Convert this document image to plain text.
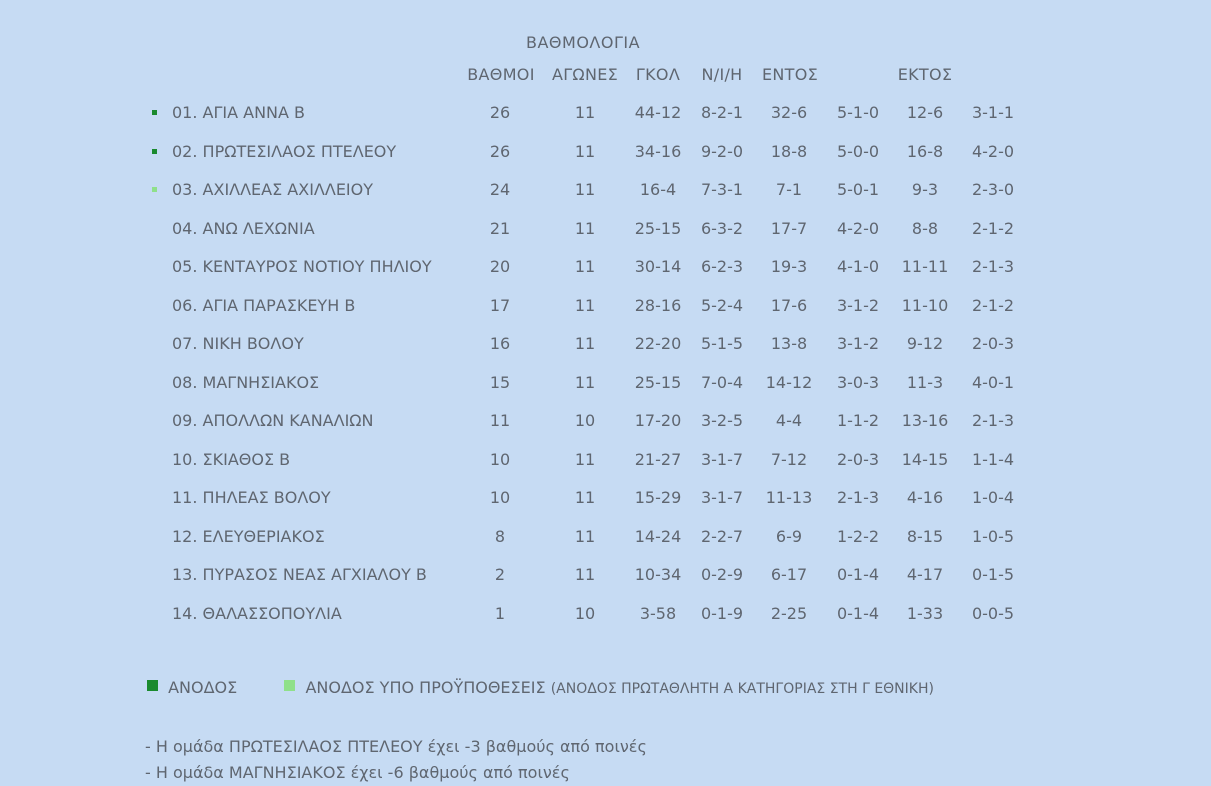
ΒΑΘΜΟΛΟΓΙΑ
ΒΑΘΜΟΙ	ΑΓΩΝΕΣ	ΓΚΟΛ	Ν/Ι/Η	ΕΝΤΟΣ	ΕΚΤΟΣ
01. ΑΓΙΑ ΑΝΝΑ Β	26	11	44-12	8-2-1	32-6	5-1-0	12-6	3-1-1
02. ΠΡΩΤΕΣΙΛΑΟΣ ΠΤΕΛΕΟΥ	26	11	34-16	9-2-0	18-8	5-0-0	16-8	4-2-0
03. ΑΧΙΛΛΕΑΣ ΑΧΙΛΛΕΙΟΥ	24	11	16-4	7-3-1	7-1	5-0-1	9-3	2-3-0
04. ΑΝΩ ΛΕΧΩΝΙΑ	21	11	25-15	6-3-2	17-7	4-2-0	8-8	2-1-2
05. ΚΕΝΤΑΥΡΟΣ ΝΟΤΙΟΥ ΠΗΛΙΟΥ	20	11	30-14	6-2-3	19-3	4-1-0	11-11	2-1-3
06. ΑΓΙΑ ΠΑΡΑΣΚΕΥΗ Β	17	11	28-16	5-2-4	17-6	3-1-2	11-10	2-1-2
07. ΝΙΚΗ ΒΟΛΟΥ	16	11	22-20	5-1-5	13-8	3-1-2	9-12	2-0-3
08. ΜΑΓΝΗΣΙΑΚΟΣ	15	11	25-15	7-0-4	14-12	3-0-3	11-3	4-0-1
09. ΑΠΟΛΛΩΝ ΚΑΝΑΛΙΩΝ	11	10	17-20	3-2-5	4-4	1-1-2	13-16	2-1-3
10. ΣΚΙΑΘΟΣ Β	10	11	21-27	3-1-7	7-12	2-0-3	14-15	1-1-4
11. ΠΗΛΕΑΣ ΒΟΛΟΥ	10	11	15-29	3-1-7	11-13	2-1-3	4-16	1-0-4
12. ΕΛΕΥΘΕΡΙΑΚΟΣ	8	11	14-24	2-2-7	6-9	1-2-2	8-15	1-0-5
13. ΠΥΡΑΣΟΣ ΝΕΑΣ ΑΓΧΙΑΛΟΥ Β	2	11	10-34	0-2-9	6-17	0-1-4	4-17	0-1-5
14. ΘΑΛΑΣΣΟΠΟΥΛΙΑ	1	10	3-58	0-1-9	2-25	0-1-4	1-33	0-0-5
ΑΝΟΔΟΣ	ΑΝΟΔΟΣ ΥΠΟ ΠΡΟΫΠΟΘΕΣΕΙΣ (ΑΝΟΔΟΣ ΠΡΩΤΑΘΛΗΤΗ Α ΚΑΤΗΓΟΡΙΑΣ ΣΤΗ Γ ΕΘΝΙΚΗ)
- Η ομάδα ΠΡΩΤΕΣΙΛΑΟΣ ΠΤΕΛΕΟΥ έχει -3 βαθμούς από ποινές
- Η ομάδα ΜΑΓΝΗΣΙΑΚΟΣ έχει -6 βαθμούς από ποινές
